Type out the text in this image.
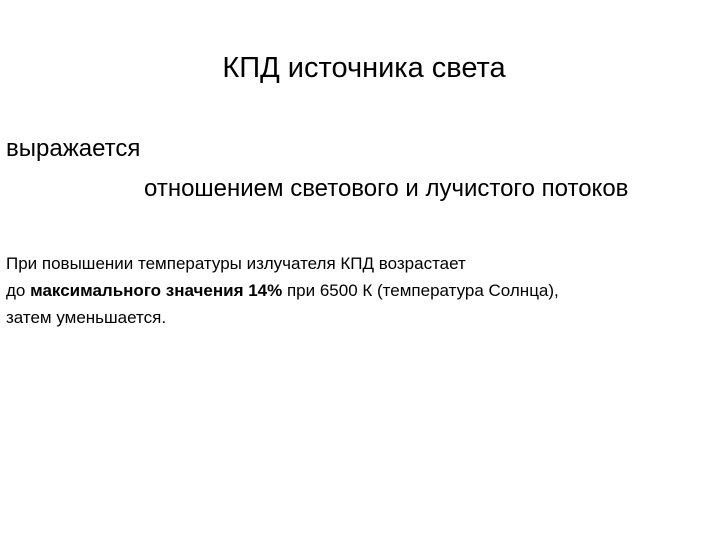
КПД источника света

выражается

отношением светового и лучистого потоков

При повышении температуры излучателя КПД возрастает
до максимального значения 14% при 6500 К (температура Солнца),
затем уменьшается.
